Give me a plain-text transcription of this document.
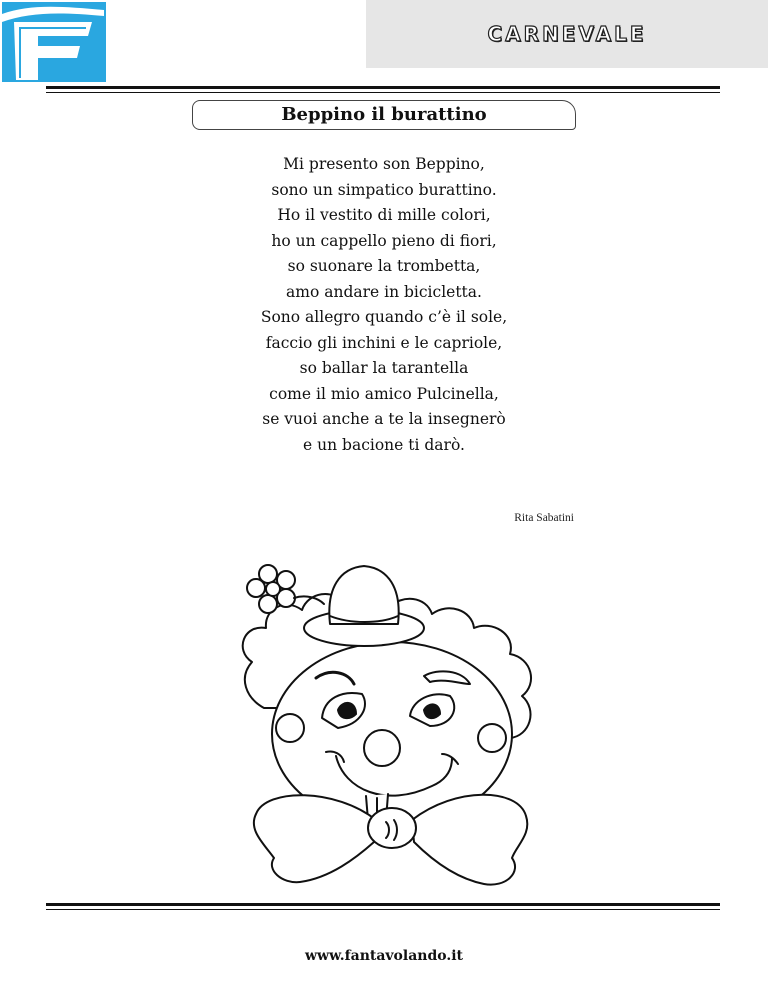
CARNEVALE
Beppino il burattino
Mi presento son Beppino,
sono un simpatico burattino.
Ho il vestito di mille colori,
ho un cappello pieno di fiori,
so suonare la trombetta,
amo andare in bicicletta.
Sono allegro quando c’è il sole,
faccio gli inchini e le capriole,
so ballar la tarantella
come il mio amico Pulcinella,
se vuoi anche a te la insegnerò
e un bacione ti darò.
Rita Sabatini
www.fantavolando.it
